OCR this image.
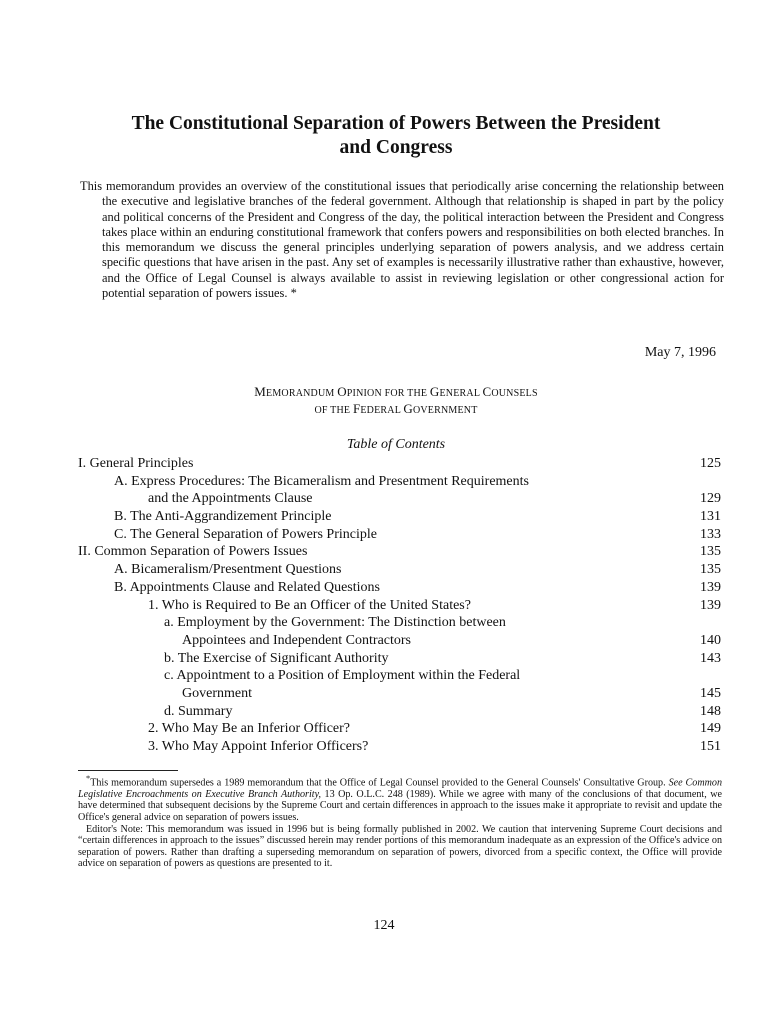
The Constitutional Separation of Powers Between the President
and Congress

This memorandum provides an overview of the constitutional issues that periodically arise concerning the relationship between the executive and legislative branches of the federal government. Although that relationship is shaped in part by the policy and political concerns of the President and Congress of the day, the political interaction between the President and Congress takes place within an enduring constitutional framework that confers powers and responsibilities on both elected branches. In this memorandum we discuss the general principles underlying separation of powers analysis, and we address certain specific questions that have arisen in the past. Any set of examples is necessarily illustrative rather than exhaustive, however, and the Office of Legal Counsel is always available to assist in reviewing legislation or other congressional action for potential separation of powers issues. *

May 7, 1996
MEMORANDUM OPINION FOR THE GENERAL COUNSELS
OF THE FEDERAL GOVERNMENT
Table of Contents
I. General Principles	125
A. Express Procedures: The Bicameralism and Presentment Requirements
and the Appointments Clause	129
B. The Anti-Aggrandizement Principle	131
C. The General Separation of Powers Principle	133
II. Common Separation of Powers Issues	135
A. Bicameralism/Presentment Questions	135
B. Appointments Clause and Related Questions	139
1. Who is Required to Be an Officer of the United States?	139
a. Employment by the Government: The Distinction between
Appointees and Independent Contractors	140
b. The Exercise of Significant Authority	143
c. Appointment to a Position of Employment within the Federal
Government	145
d. Summary	148
2. Who May Be an Inferior Officer?	149
3. Who May Appoint Inferior Officers?	151

*This memorandum supersedes a 1989 memorandum that the Office of Legal Counsel provided to the General Counsels' Consultative Group. See Common Legislative Encroachments on Executive Branch Authority, 13 Op. O.L.C. 248 (1989). While we agree with many of the conclusions of that document, we have determined that subsequent decisions by the Supreme Court and certain differences in approach to the issues make it appropriate to revisit and update the Office's general advice on separation of powers issues.

Editor's Note: This memorandum was issued in 1996 but is being formally published in 2002. We caution that intervening Supreme Court decisions and “certain differences in approach to the issues” discussed herein may render portions of this memorandum inadequate as an expression of the Office's advice on separation of powers. Rather than drafting a superseding memorandum on separation of powers, divorced from a specific context, the Office will provide advice on separation of powers as questions are presented to it.

124
